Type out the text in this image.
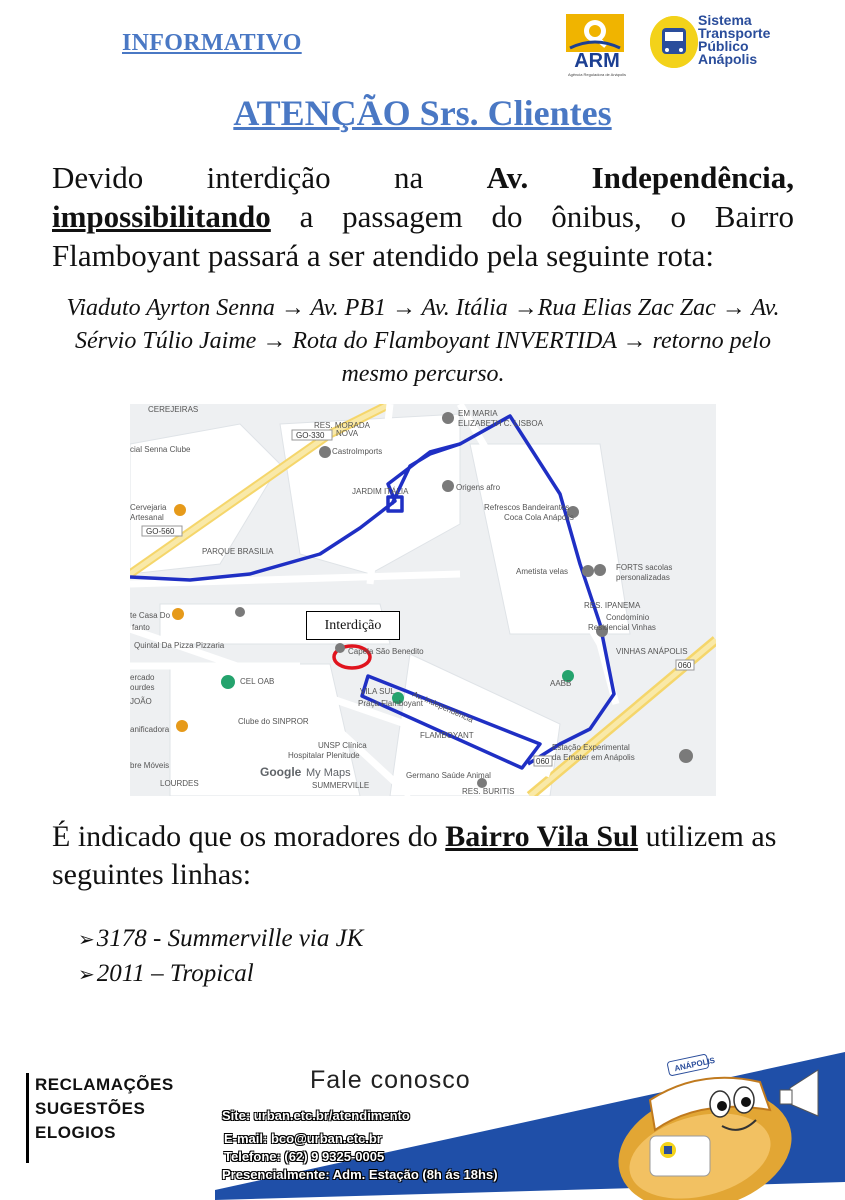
INFORMATIVO
ARM
Agência Reguladora de Anápolis
Sistema
Transporte
Público
Anápolis
ATENÇÃO Srs. Clientes
Devido interdição na Av. Independência, impossibilitando a passagem do ônibus, o Bairro Flamboyant passará a ser atendido pela seguinte rota:
Viaduto Ayrton Senna → Av. PB1 → Av. Itália →Rua Elias Zac Zac → Av. Sérvio Túlio Jaime → Rota do Flamboyant INVERTIDA → retorno pelo mesmo percurso.
CEREJEIRAS
RES. MORADA
NOVA
EM MARIA
ELIZABETH C. LISBOA
cial Senna Clube	CastroImports
JARDIM ITÁLIA	Origens afro
Refrescos Bandeirantes
Coca Cola Anápolis
Cervejaria
Artesanal
PARQUE BRASILIA
Ametista velas	FORTS sacolas
personalizadas
RES. IPANEMA
Condomínio
Residencial Vinhas
te Casa Do
fanto
Quintal Da Pizza Pizzaria
Capela São Benedito	VINHAS ANÁPOLIS
ercado
ourdes
CEL OAB
VILA SUL
Praça Flamboyant
AABB
Av. Independência
JOÃO
anificadora
Clube do SINPROR
UNSP Clínica
Hospitalar Plenitude
FLAMBOYANT
Estação Experimental
da Emater em Anápolis
bre Móveis
Germano Saúde Animal
RES. BURITIS
SUMMERVILLE
LOURDES
GO-330
GO-560
060
060
Google My Maps
Interdição
É indicado que os moradores do Bairro Vila Sul utilizem as seguintes linhas:
➢3178 - Summerville via JK
➢2011 – Tropical
ANÁPOLIS
RECLAMAÇÕES
SUGESTÕES
ELOGIOS
Fale conosco
Site: urban.etc.br/atendimento
E-mail: bco@urban.etc.br
Telefone: (62) 9 9325-0005
Presencialmente: Adm. Estação (8h ás 18hs)
